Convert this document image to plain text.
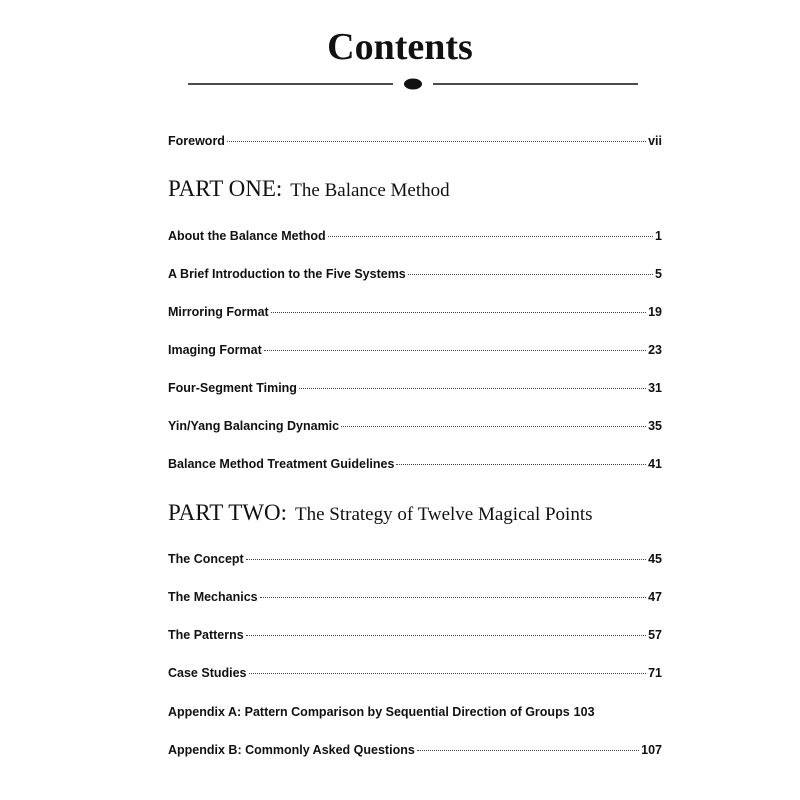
Contents
Foreword	vii
PART ONE: The Balance Method
About the Balance Method	1
A Brief Introduction to the Five Systems	5
Mirroring Format	19
Imaging Format	23
Four-Segment Timing	31
Yin/Yang Balancing Dynamic	35
Balance Method Treatment Guidelines	41
PART TWO: The Strategy of Twelve Magical Points
The Concept	45
The Mechanics	47
The Patterns	57
Case Studies	71
Appendix A: Pattern Comparison by Sequential Direction of Groups 103
Appendix B: Commonly Asked Questions	107
